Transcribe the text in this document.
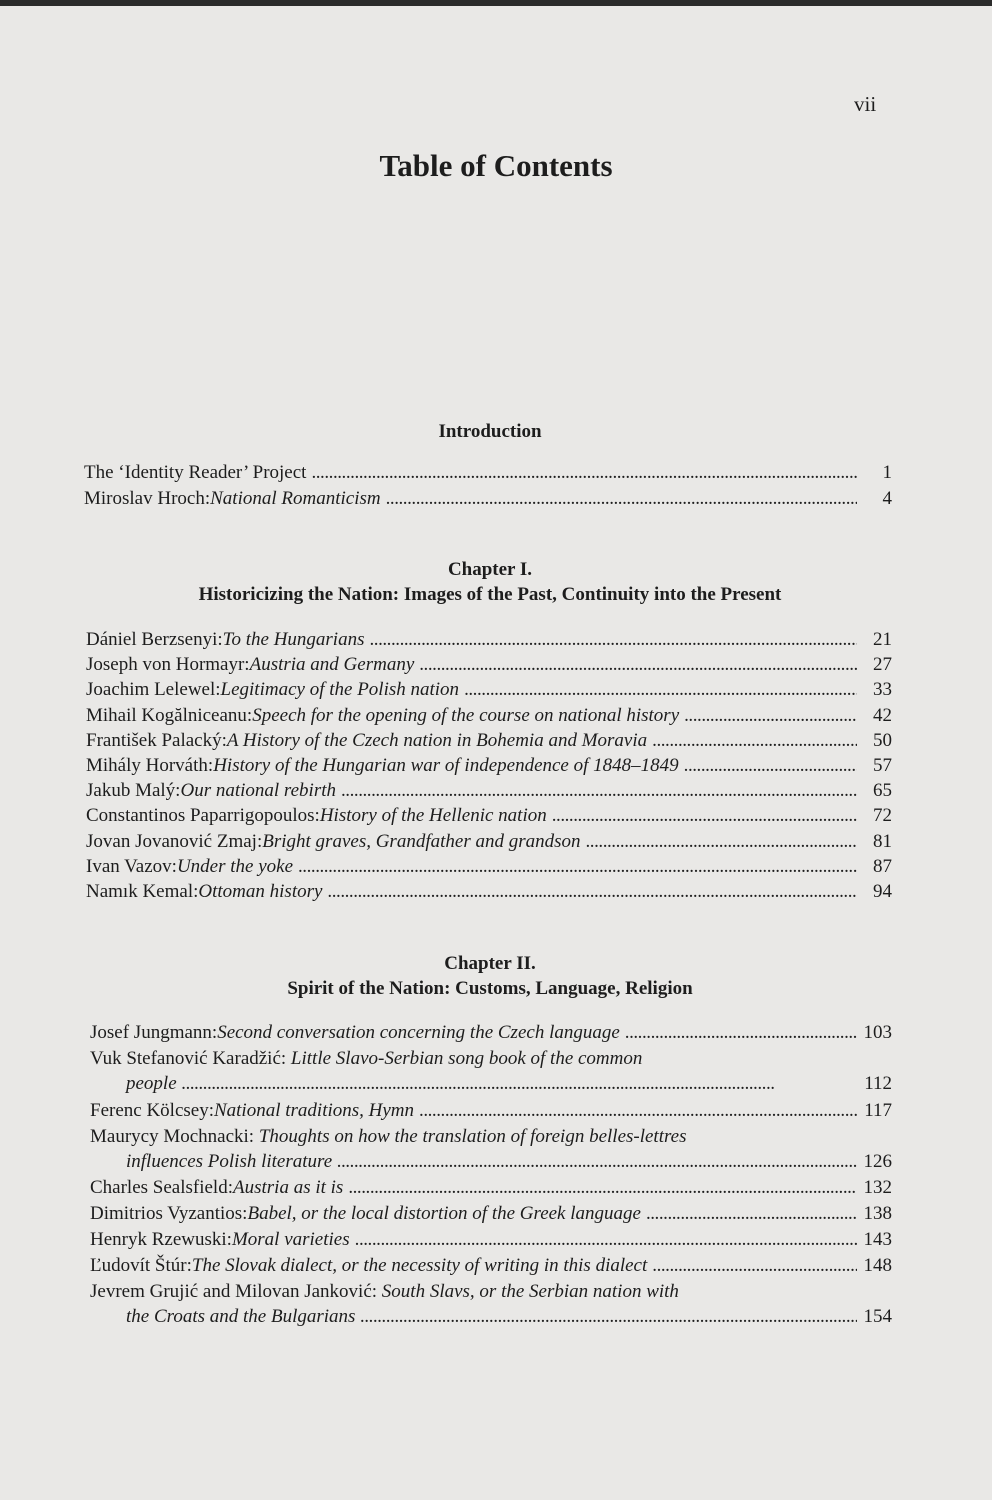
vii
Table of Contents
Introduction
The ‘Identity Reader’ Project . . .	1
Miroslav Hroch: National Romanticism . . .	4
Chapter I.
Historicizing the Nation: Images of the Past, Continuity into the Present
Dániel Berzsenyi: To the Hungarians . . .	21
Joseph von Hormayr: Austria and Germany . . .	27
Joachim Lelewel: Legitimacy of the Polish nation . . .	33
Mihail Kogălniceanu: Speech for the opening of the course on national history . . .	42
František Palacký: A History of the Czech nation in Bohemia and Moravia . . .	50
Mihály Horváth: History of the Hungarian war of independence of 1848–1849 . . .	57
Jakub Malý: Our national rebirth . . .	65
Constantinos Paparrigopoulos: History of the Hellenic nation . . .	72
Jovan Jovanović Zmaj: Bright graves, Grandfather and grandson . . .	81
Ivan Vazov: Under the yoke . . .	87
Namık Kemal: Ottoman history . . .	94
Chapter II.
Spirit of the Nation: Customs, Language, Religion
Josef Jungmann: Second conversation concerning the Czech language . . .	103
Vuk Stefanović Karadžić: Little Slavo-Serbian song book of the common
people . . .	112
Ferenc Kölcsey: National traditions, Hymn . . .	117
Maurycy Mochnacki: Thoughts on how the translation of foreign belles-lettres
influences Polish literature . . .	126
Charles Sealsfield: Austria as it is . . .	132
Dimitrios Vyzantios: Babel, or the local distortion of the Greek language . . .	138
Henryk Rzewuski: Moral varieties . . .	143
Ľudovít Štúr: The Slovak dialect, or the necessity of writing in this dialect . . .	148
Jevrem Grujić and Milovan Janković: South Slavs, or the Serbian nation with
the Croats and the Bulgarians . . .	154
